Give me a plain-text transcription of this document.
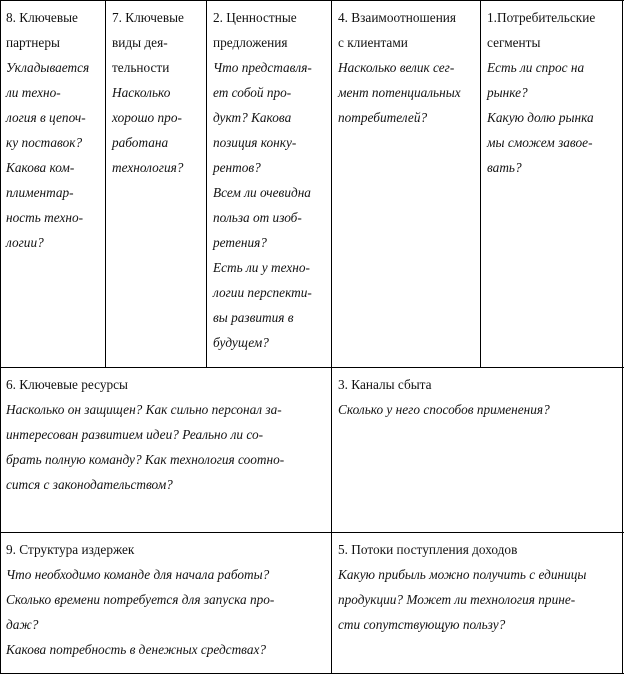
8. Ключевые
партнеры
Укладываетcя ли техно-
логия в цепоч-
ку поставок?
Какова ком-
плиментар-
ность техно-
логии?
7. Ключевые
виды дея-
тельности
Насколько
хорошо про-
работана
технология?
2. Ценностные
предложения
Что представля-
ет собой про-
дукт? Какова
позиция конку-
рентов?
Всем ли очевидна
польза от изоб-
ретения?
Есть ли у техно-
логии перспекти-
вы развития в
будущем?
4. Взаимоотношения
с клиентами
Насколько велик сег-
мент потенциальных
потребителей?
1.Потребительские
сегменты
Есть ли спрос на
рынке?
Какую долю рынка
мы сможем завое-
вать?
6. Ключевые ресурсы
Насколько он защищен? Как сильно персонал за-
интересован развитием идеи? Реально ли со-
брать полную команду? Как технология соотно-
сится с законодательством?
3. Каналы сбыта
Сколько у него способов применения?
9. Структура издержек
Что необходимо команде для начала работы?
Сколько времени потребуется для запуска про-
даж?
Какова потребность в денежных средствах?
5. Потоки поступления доходов
Какую прибыль можно получить с единицы
продукции? Может ли технология прине-
сти сопутствующую пользу?
